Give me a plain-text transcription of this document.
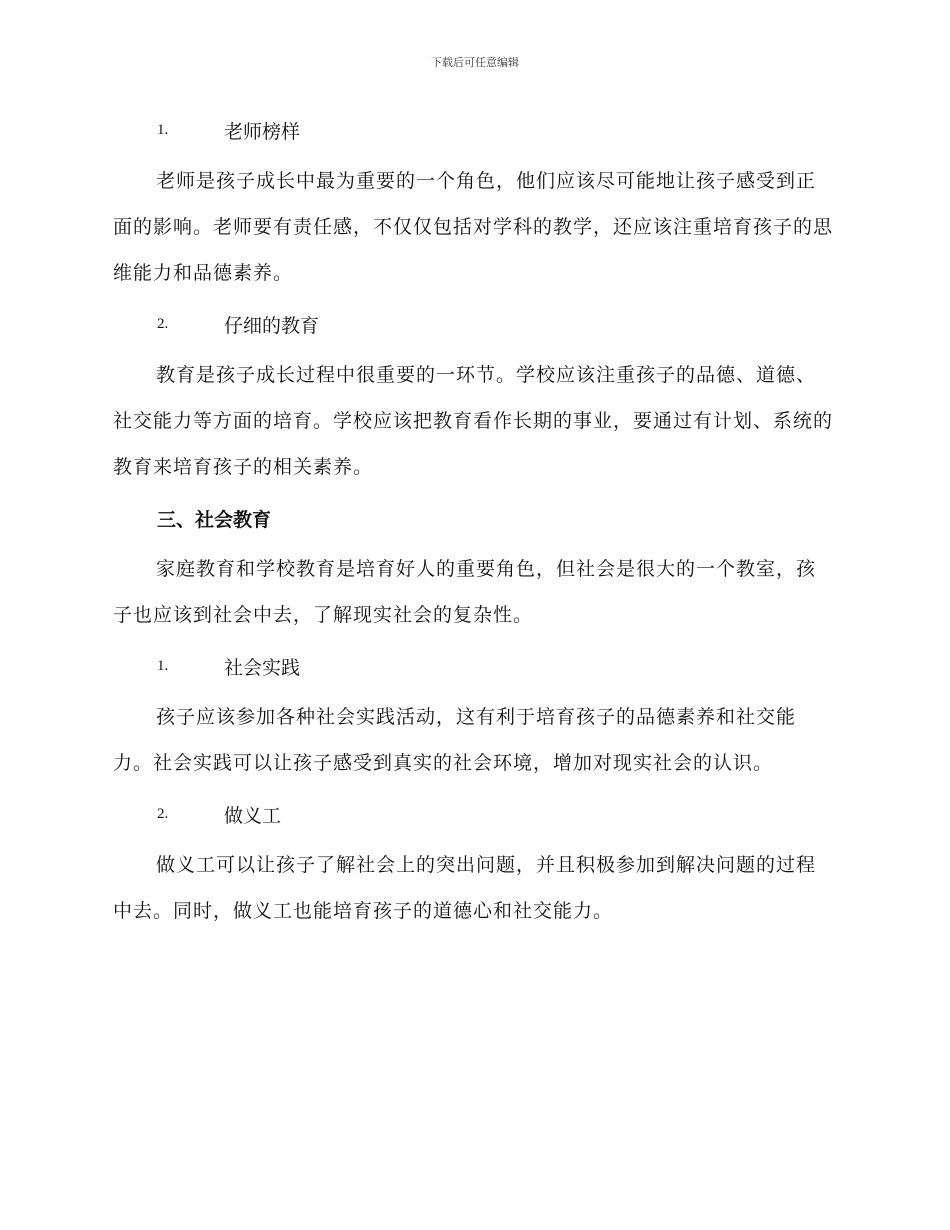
下载后可任意编辑
1.	老师榜样

老师是孩子成长中最为重要的一个角色，他们应该尽可能地让孩子感受到正面的影响。老师要有责任感，不仅仅包括对学科的教学，还应该注重培育孩子的思维能力和品德素养。

2.	仔细的教育

教育是孩子成长过程中很重要的一环节。学校应该注重孩子的品德、道德、社交能力等方面的培育。学校应该把教育看作长期的事业，要通过有计划、系统的教育来培育孩子的相关素养。

三、社会教育

家庭教育和学校教育是培育好人的重要角色，但社会是很大的一个教室，孩子也应该到社会中去，了解现实社会的复杂性。

1.	社会实践

孩子应该参加各种社会实践活动，这有利于培育孩子的品德素养和社交能力。社会实践可以让孩子感受到真实的社会环境，增加对现实社会的认识。

2.	做义工

做义工可以让孩子了解社会上的突出问题，并且积极参加到解决问题的过程中去。同时，做义工也能培育孩子的道德心和社交能力。
